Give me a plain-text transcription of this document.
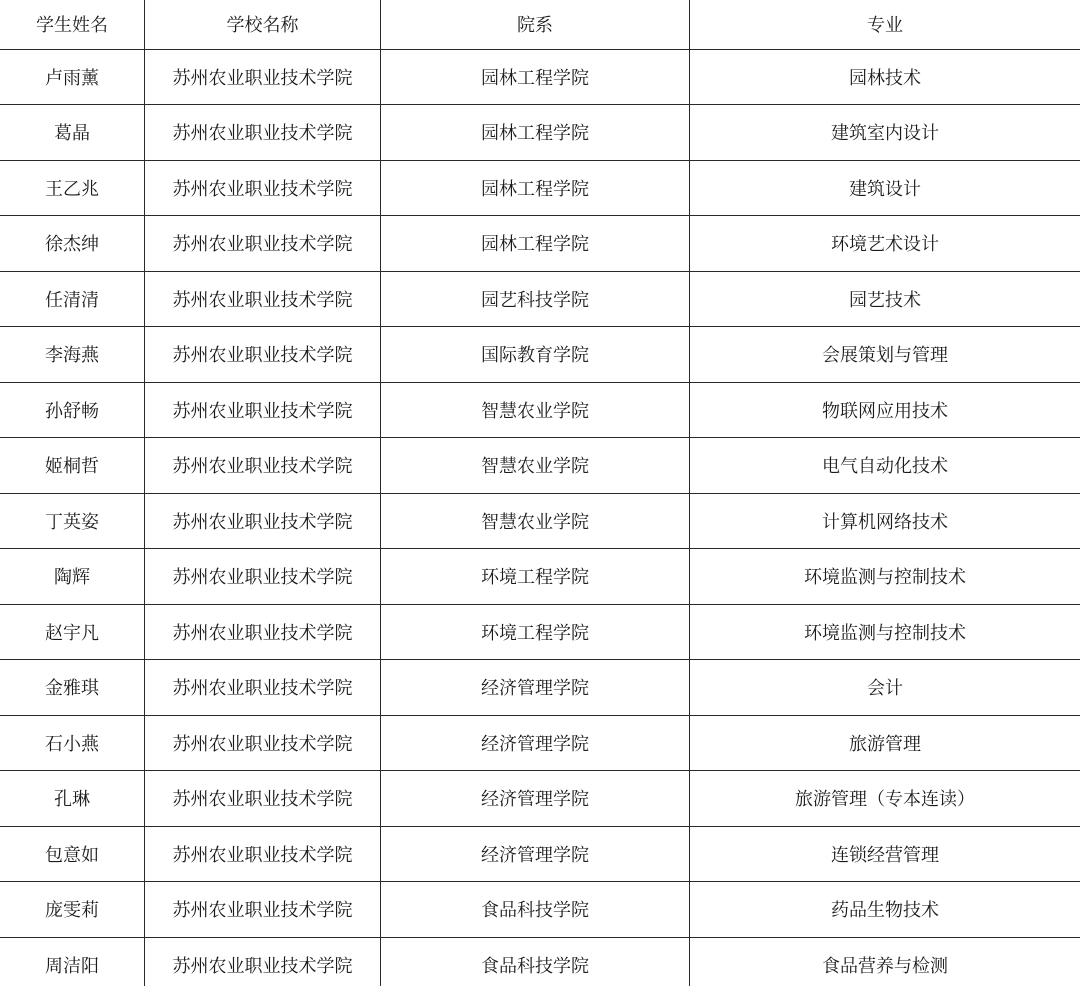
学生姓名	学校名称	院系	专业
卢雨薰	苏州农业职业技术学院	园林工程学院	园林技术
葛晶	苏州农业职业技术学院	园林工程学院	建筑室内设计
王乙兆	苏州农业职业技术学院	园林工程学院	建筑设计
徐杰绅	苏州农业职业技术学院	园林工程学院	环境艺术设计
任清清	苏州农业职业技术学院	园艺科技学院	园艺技术
李海燕	苏州农业职业技术学院	国际教育学院	会展策划与管理
孙舒畅	苏州农业职业技术学院	智慧农业学院	物联网应用技术
姬桐哲	苏州农业职业技术学院	智慧农业学院	电气自动化技术
丁英姿	苏州农业职业技术学院	智慧农业学院	计算机网络技术
陶辉	苏州农业职业技术学院	环境工程学院	环境监测与控制技术
赵宇凡	苏州农业职业技术学院	环境工程学院	环境监测与控制技术
金雅琪	苏州农业职业技术学院	经济管理学院	会计
石小燕	苏州农业职业技术学院	经济管理学院	旅游管理
孔琳	苏州农业职业技术学院	经济管理学院	旅游管理（专本连读）
包意如	苏州农业职业技术学院	经济管理学院	连锁经营管理
庞雯莉	苏州农业职业技术学院	食品科技学院	药品生物技术
周洁阳	苏州农业职业技术学院	食品科技学院	食品营养与检测
